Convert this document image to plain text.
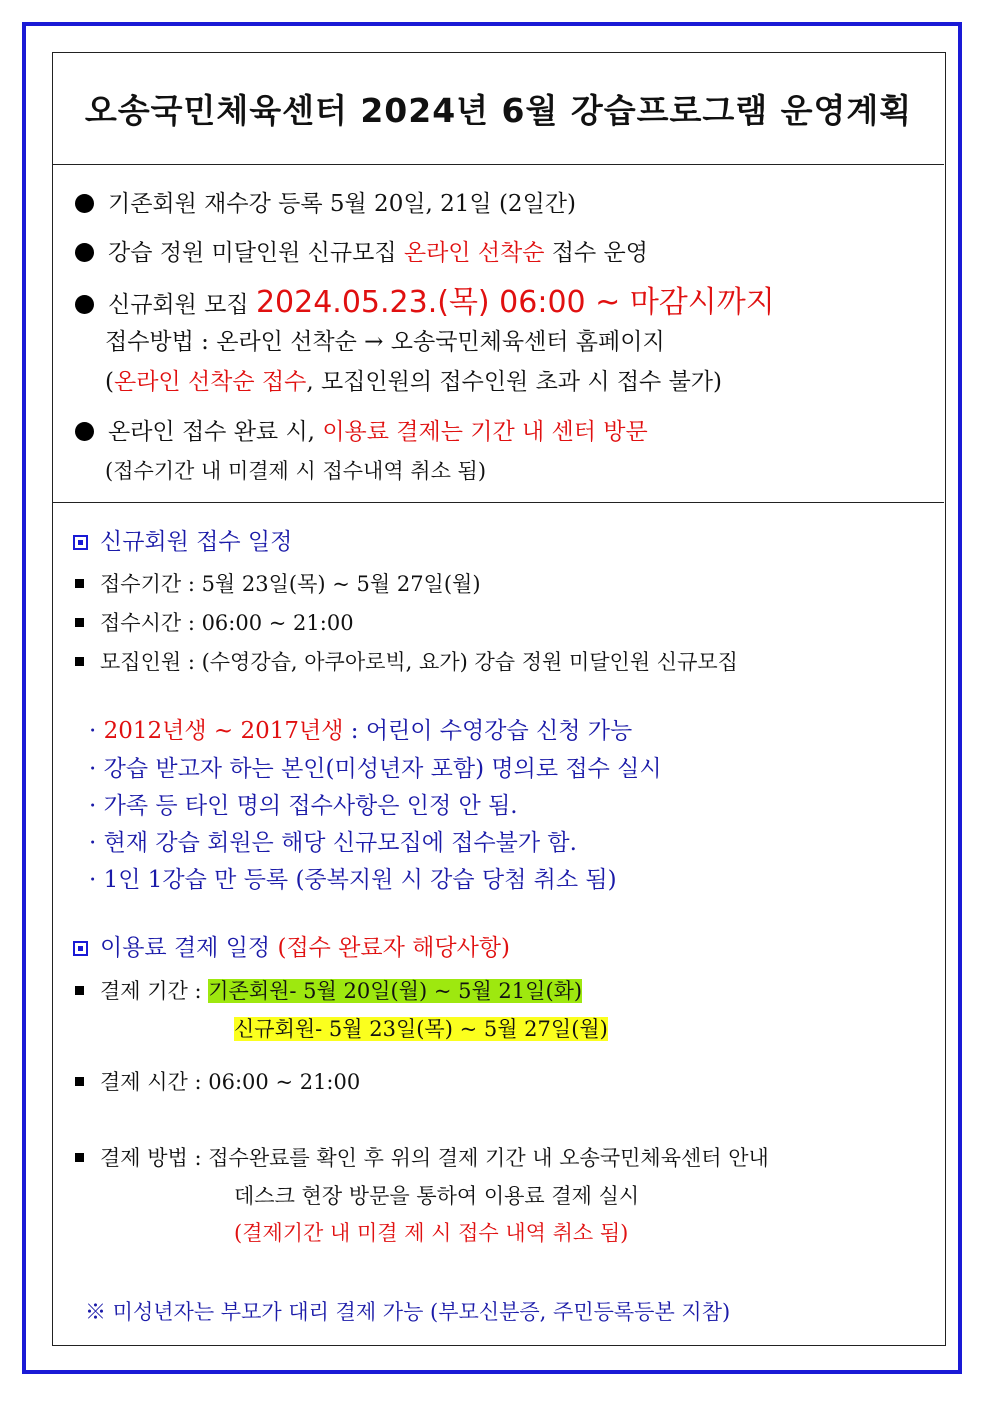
오송국민체육센터 2024년 6월 강습프로그램 운영계획
기존회원 재수강 등록 5월 20일, 21일 (2일간)
강습 정원 미달인원 신규모집 온라인 선착순 접수 운영
신규회원 모집 2024.05.23.(목) 06:00 ~ 마감시까지
접수방법 : 온라인 선착순 → 오송국민체육센터 홈페이지
(온라인 선착순 접수, 모집인원의 접수인원 초과 시 접수 불가)
온라인 접수 완료 시, 이용료 결제는 기간 내 센터 방문
(접수기간 내 미결제 시 접수내역 취소 됨)
신규회원 접수 일정
접수기간 : 5월 23일(목) ~ 5월 27일(월)
접수시간 : 06:00 ~ 21:00
모집인원 : (수영강습, 아쿠아로빅, 요가) 강습 정원 미달인원 신규모집
· 2012년생 ~ 2017년생 : 어린이 수영강습 신청 가능
· 강습 받고자 하는 본인(미성년자 포함) 명의로 접수 실시
· 가족 등 타인 명의 접수사항은 인정 안 됨.
· 현재 강습 회원은 해당 신규모집에 접수불가 함.
· 1인 1강습 만 등록 (중복지원 시 강습 당첨 취소 됨)
이용료 결제 일정 (접수 완료자 해당사항)
결제 기간 : 기존회원- 5월 20일(월) ~ 5월 21일(화)
신규회원- 5월 23일(목) ~ 5월 27일(월)
결제 시간 : 06:00 ~ 21:00
결제 방법 : 접수완료를 확인 후 위의 결제 기간 내 오송국민체육센터 안내
데스크 현장 방문을 통하여 이용료 결제 실시
(결제기간 내 미결 제 시 접수 내역 취소 됨)
※ 미성년자는 부모가 대리 결제 가능 (부모신분증, 주민등록등본 지참)
